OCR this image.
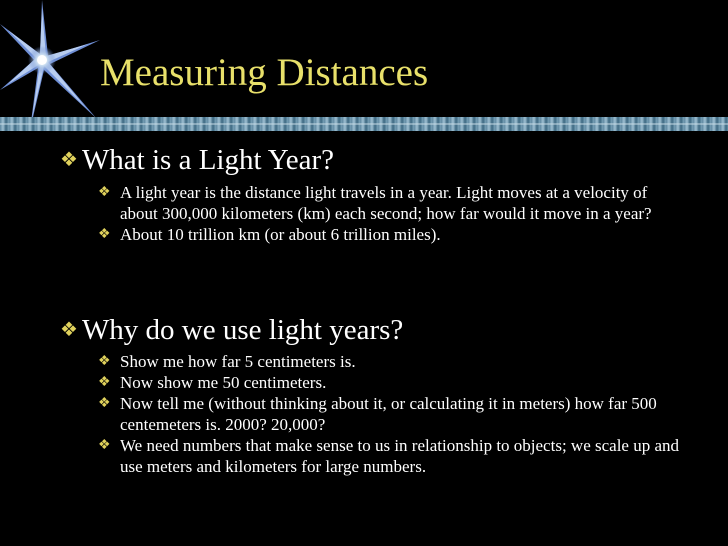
Measuring Distances
❖ What is a Light Year?
❖ A light year is the distance light travels in a year. Light moves at a velocity of about 300,000 kilometers (km) each second; how far would it move in a year?
❖ About 10 trillion km (or about 6 trillion miles).
❖ Why do we use light years?
❖ Show me how far 5 centimeters is.
❖ Now show me 50 centimeters.
❖ Now tell me (without thinking about it, or calculating it in meters) how far 500 centemeters is. 2000? 20,000?
❖ We need numbers that make sense to us in relationship to objects; we scale up and use meters and kilometers for large numbers.
